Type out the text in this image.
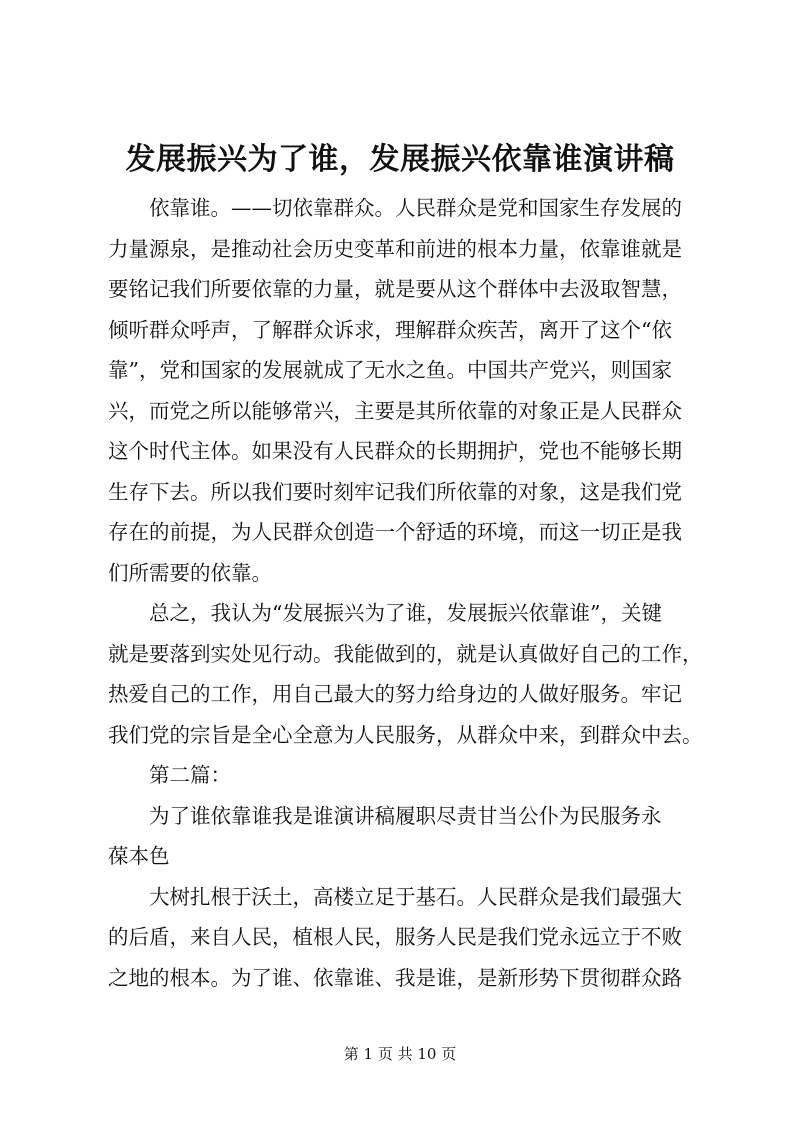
发展振兴为了谁，发展振兴依靠谁演讲稿
依靠谁。——切依靠群众。人民群众是党和国家生存发展的
力量源泉，是推动社会历史变革和前进的根本力量，依靠谁就是
要铭记我们所要依靠的力量，就是要从这个群体中去汲取智慧，
倾听群众呼声，了解群众诉求，理解群众疾苦，离开了这个“依
靠”，党和国家的发展就成了无水之鱼。中国共产党兴，则国家
兴，而党之所以能够常兴，主要是其所依靠的对象正是人民群众
这个时代主体。如果没有人民群众的长期拥护，党也不能够长期
生存下去。所以我们要时刻牢记我们所依靠的对象，这是我们党
存在的前提，为人民群众创造一个舒适的环境，而这一切正是我
们所需要的依靠。
总之，我认为“发展振兴为了谁，发展振兴依靠谁”，关键
就是要落到实处见行动。我能做到的，就是认真做好自己的工作，
热爱自己的工作，用自己最大的努力给身边的人做好服务。牢记
我们党的宗旨是全心全意为人民服务，从群众中来，到群众中去。
第二篇：
为了谁依靠谁我是谁演讲稿履职尽责甘当公仆为民服务永
葆本色
大树扎根于沃土，高楼立足于基石。人民群众是我们最强大
的后盾，来自人民，植根人民，服务人民是我们党永远立于不败
之地的根本。为了谁、依靠谁、我是谁，是新形势下贯彻群众路
第 1 页 共 10 页
